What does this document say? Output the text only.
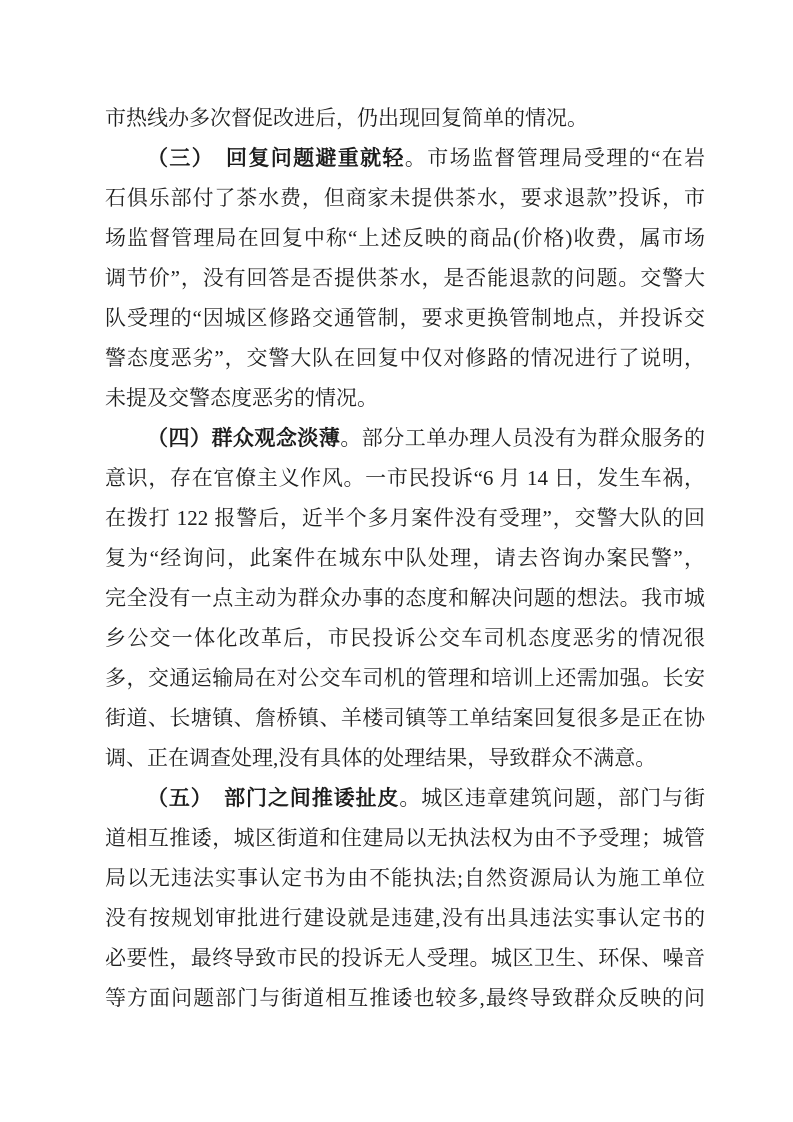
市热线办多次督促改进后，仍出现回复简单的情况。

（三）　回复问题避重就轻。市场监督管理局受理的“在岩

石俱乐部付了茶水费，但商家未提供茶水，要求退款”投诉，市

场监督管理局在回复中称“上述反映的商品(价格)收费，属市场

调节价”，没有回答是否提供茶水，是否能退款的问题。交警大

队受理的“因城区修路交通管制，要求更换管制地点，并投诉交

警态度恶劣”，交警大队在回复中仅对修路的情况进行了说明，

未提及交警态度恶劣的情况。

（四）群众观念淡薄。部分工单办理人员没有为群众服务的

意识，存在官僚主义作风。一市民投诉“6 月 14 日，发生车祸，

在拨打 122 报警后，近半个多月案件没有受理”，交警大队的回

复为“经询问，此案件在城东中队处理，请去咨询办案民警”，

完全没有一点主动为群众办事的态度和解决问题的想法。我市城

乡公交一体化改革后，市民投诉公交车司机态度恶劣的情况很

多，交通运输局在对公交车司机的管理和培训上还需加强。长安

街道、长塘镇、詹桥镇、羊楼司镇等工单结案回复很多是正在协

调、正在调查处理,没有具体的处理结果，导致群众不满意。

（五）　部门之间推诿扯皮。城区违章建筑问题，部门与街

道相互推诿，城区街道和住建局以无执法权为由不予受理；城管

局以无违法实事认定书为由不能执法;自然资源局认为施工单位

没有按规划审批进行建设就是违建,没有出具违法实事认定书的

必要性，最终导致市民的投诉无人受理。城区卫生、环保、噪音

等方面问题部门与街道相互推诿也较多,最终导致群众反映的问
